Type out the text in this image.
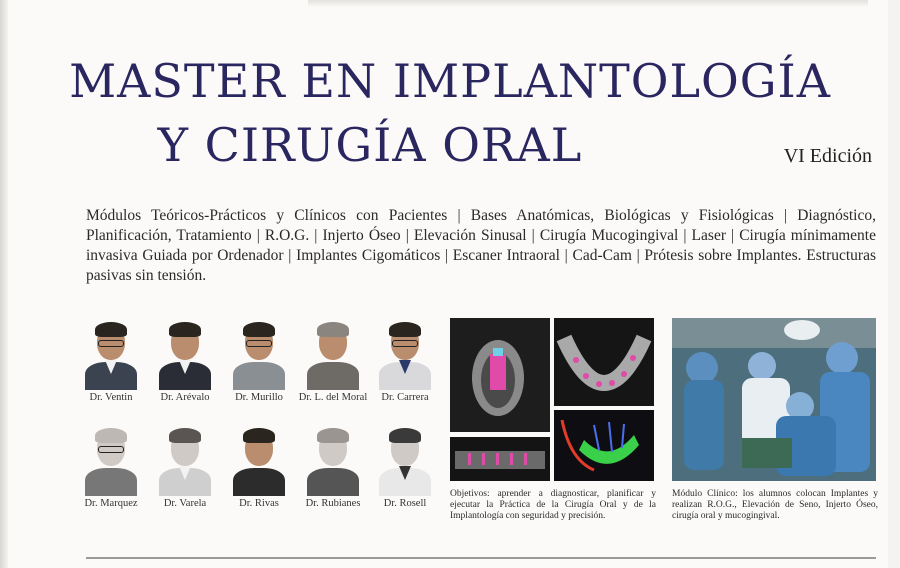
MASTER EN IMPLANTOLOGÍA
Y CIRUGÍA ORAL	VI Edición

Módulos Teóricos-Prácticos y Clínicos con Pacientes | Bases Anatómicas, Biológicas y Fisiológicas | Diagnóstico, Planificación, Tratamiento | R.O.G. | Injerto Óseo | Elevación Sinusal | Cirugía Mucogingival | Laser | Cirugía mínimamente invasiva Guiada por Ordenador | Implantes Cigomáticos | Escaner Intraoral | Cad-Cam | Prótesis sobre Implantes. Estructuras pasivas sin tensión.

Dr. Ventin	Dr. Arévalo	Dr. Murillo	Dr. L. del Moral	Dr. Carrera
Dr. Marquez	Dr. Varela	Dr. Rivas	Dr. Rubianes	Dr. Rosell

Objetivos: aprender a diagnosticar, planificar y ejecutar la Práctica de la Cirugía Oral y de la Implantología con seguridad y precisión.

Módulo Clínico: los alumnos colocan Implantes y realizan R.O.G., Elevación de Seno, Injerto Óseo, cirugía oral y mucogingival.
